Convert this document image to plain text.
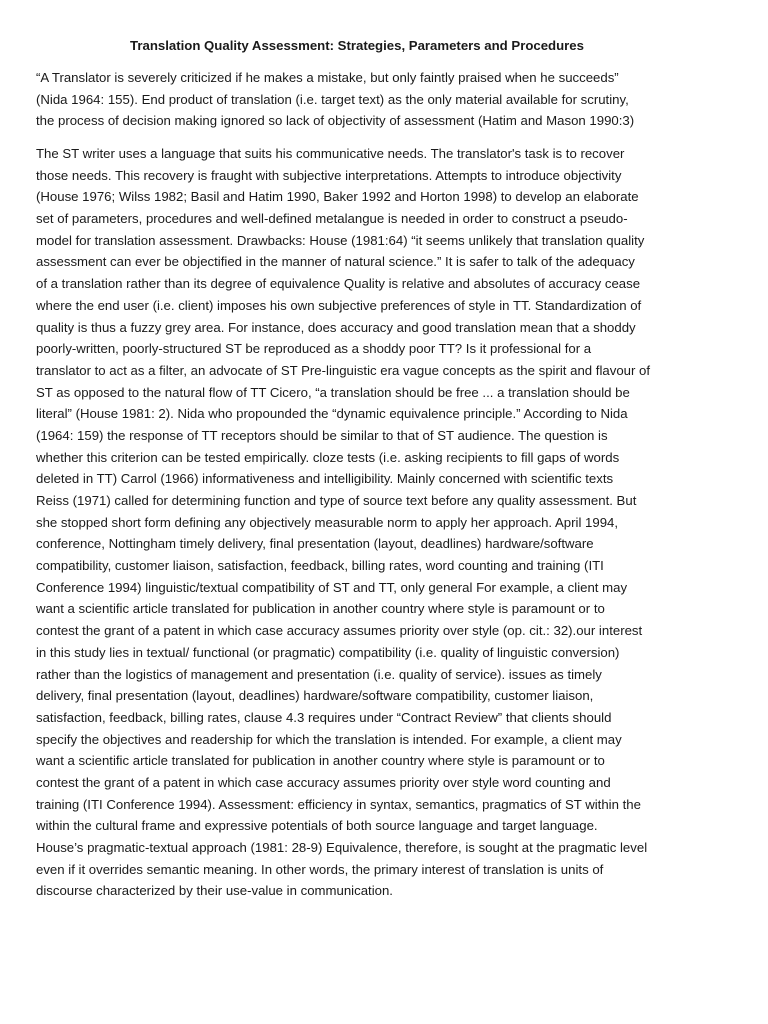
Translation Quality Assessment: Strategies, Parameters and Procedures
“A Translator is severely criticized if he makes a mistake, but only faintly praised when he succeeds”
(Nida 1964: 155). End product of translation (i.e. target text) as the only material available for scrutiny,
the process of decision making ignored so lack of objectivity of assessment (Hatim and Mason 1990:3)
The ST writer uses a language that suits his communicative needs. The translator's task is to recover
those needs. This recovery is fraught with subjective interpretations. Attempts to introduce objectivity
(House 1976; Wilss 1982; Basil and Hatim 1990, Baker 1992 and Horton 1998) to develop an elaborate
set of parameters, procedures and well-defined metalangue is needed in order to construct a pseudo-
model for translation assessment. Drawbacks: House (1981:64) “it seems unlikely that translation quality
assessment can ever be objectified in the manner of natural science.” It is safer to talk of the adequacy
of a translation rather than its degree of equivalence Quality is relative and absolutes of accuracy cease
where the end user (i.e. client) imposes his own subjective preferences of style in TT. Standardization of
quality is thus a fuzzy grey area. For instance, does accuracy and good translation mean that a shoddy
poorly-written, poorly-structured ST be reproduced as a shoddy poor TT? Is it professional for a
translator to act as a filter, an advocate of ST Pre-linguistic era vague concepts as the spirit and flavour of
ST as opposed to the natural flow of TT Cicero, “a translation should be free ... a translation should be
literal” (House 1981: 2). Nida who propounded the “dynamic equivalence principle.” According to Nida
(1964: 159) the response of TT receptors should be similar to that of ST audience. The question is
whether this criterion can be tested empirically. cloze tests (i.e. asking recipients to fill gaps of words
deleted in TT) Carrol (1966) informativeness and intelligibility. Mainly concerned with scientific texts
Reiss (1971) called for determining function and type of source text before any quality assessment. But
she stopped short form defining any objectively measurable norm to apply her approach. April 1994,
conference, Nottingham timely delivery, final presentation (layout, deadlines) hardware/software
compatibility, customer liaison, satisfaction, feedback, billing rates, word counting and training (ITI
Conference 1994) linguistic/textual compatibility of ST and TT, only general For example, a client may
want a scientific article translated for publication in another country where style is paramount or to
contest the grant of a patent in which case accuracy assumes priority over style (op. cit.: 32).our interest
in this study lies in textual/ functional (or pragmatic) compatibility (i.e. quality of linguistic conversion)
rather than the logistics of management and presentation (i.e. quality of service). issues as timely
delivery, final presentation (layout, deadlines) hardware/software compatibility, customer liaison,
satisfaction, feedback, billing rates, clause 4.3 requires under “Contract Review” that clients should
specify the objectives and readership for which the translation is intended. For example, a client may
want a scientific article translated for publication in another country where style is paramount or to
contest the grant of a patent in which case accuracy assumes priority over style word counting and
training (ITI Conference 1994). Assessment: efficiency in syntax, semantics, pragmatics of ST within the
within the cultural frame and expressive potentials of both source language and target language.
House’s pragmatic-textual approach (1981: 28-9) Equivalence, therefore, is sought at the pragmatic level
even if it overrides semantic meaning. In other words, the primary interest of translation is units of
discourse characterized by their use-value in communication.
